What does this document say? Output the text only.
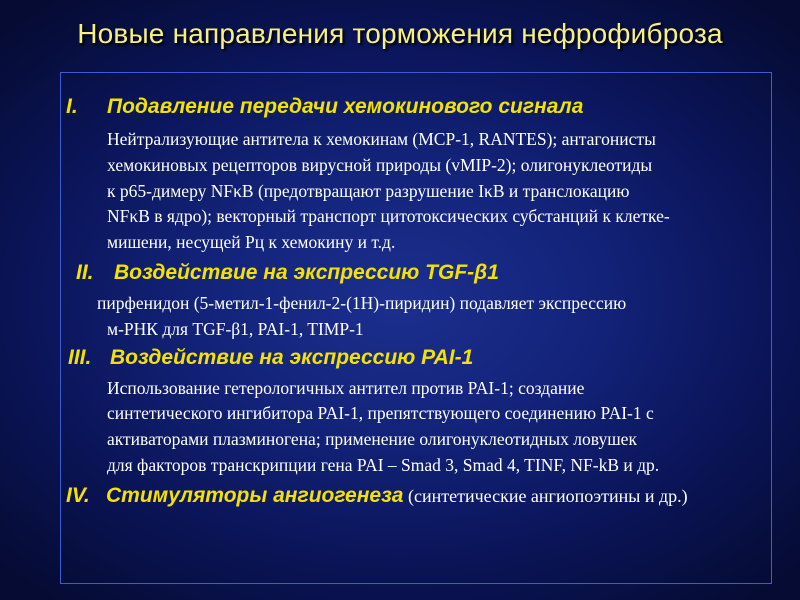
Новые направления торможения нефрофиброза
I. Подавление передачи хемокинового сигнала
Нейтрализующие антитела к хемокинам (MCP-1, RANTES); антагонисты
хемокиновых рецепторов вирусной природы (vMIP-2); олигонуклеотиды
к p65-димеру NFκB (предотвращают разрушение IκB и транслокацию
NFκB в ядро); векторный транспорт цитотоксических субстанций к клетке-
мишени, несущей Рц к хемокину и т.д.
II. Воздействие на экспрессию TGF-β1
пирфенидон (5-метил-1-фенил-2-(1H)-пиридин) подавляет экспрессию
м-РНК для TGF-β1, PAI-1, TIMP-1
III. Воздействие на экспрессию PAI-1
Использование гетерологичных антител против PAI-1; создание
синтетического ингибитора PAI-1, препятствующего соединению PAI-1 с
активаторами плазминогена; применение олигонуклеотидных ловушек
для факторов транскрипции гена PAI – Smad 3, Smad 4, TINF, NF-kB и др.
IV. Стимуляторы ангиогенеза (синтетические ангиопоэтины и др.)
